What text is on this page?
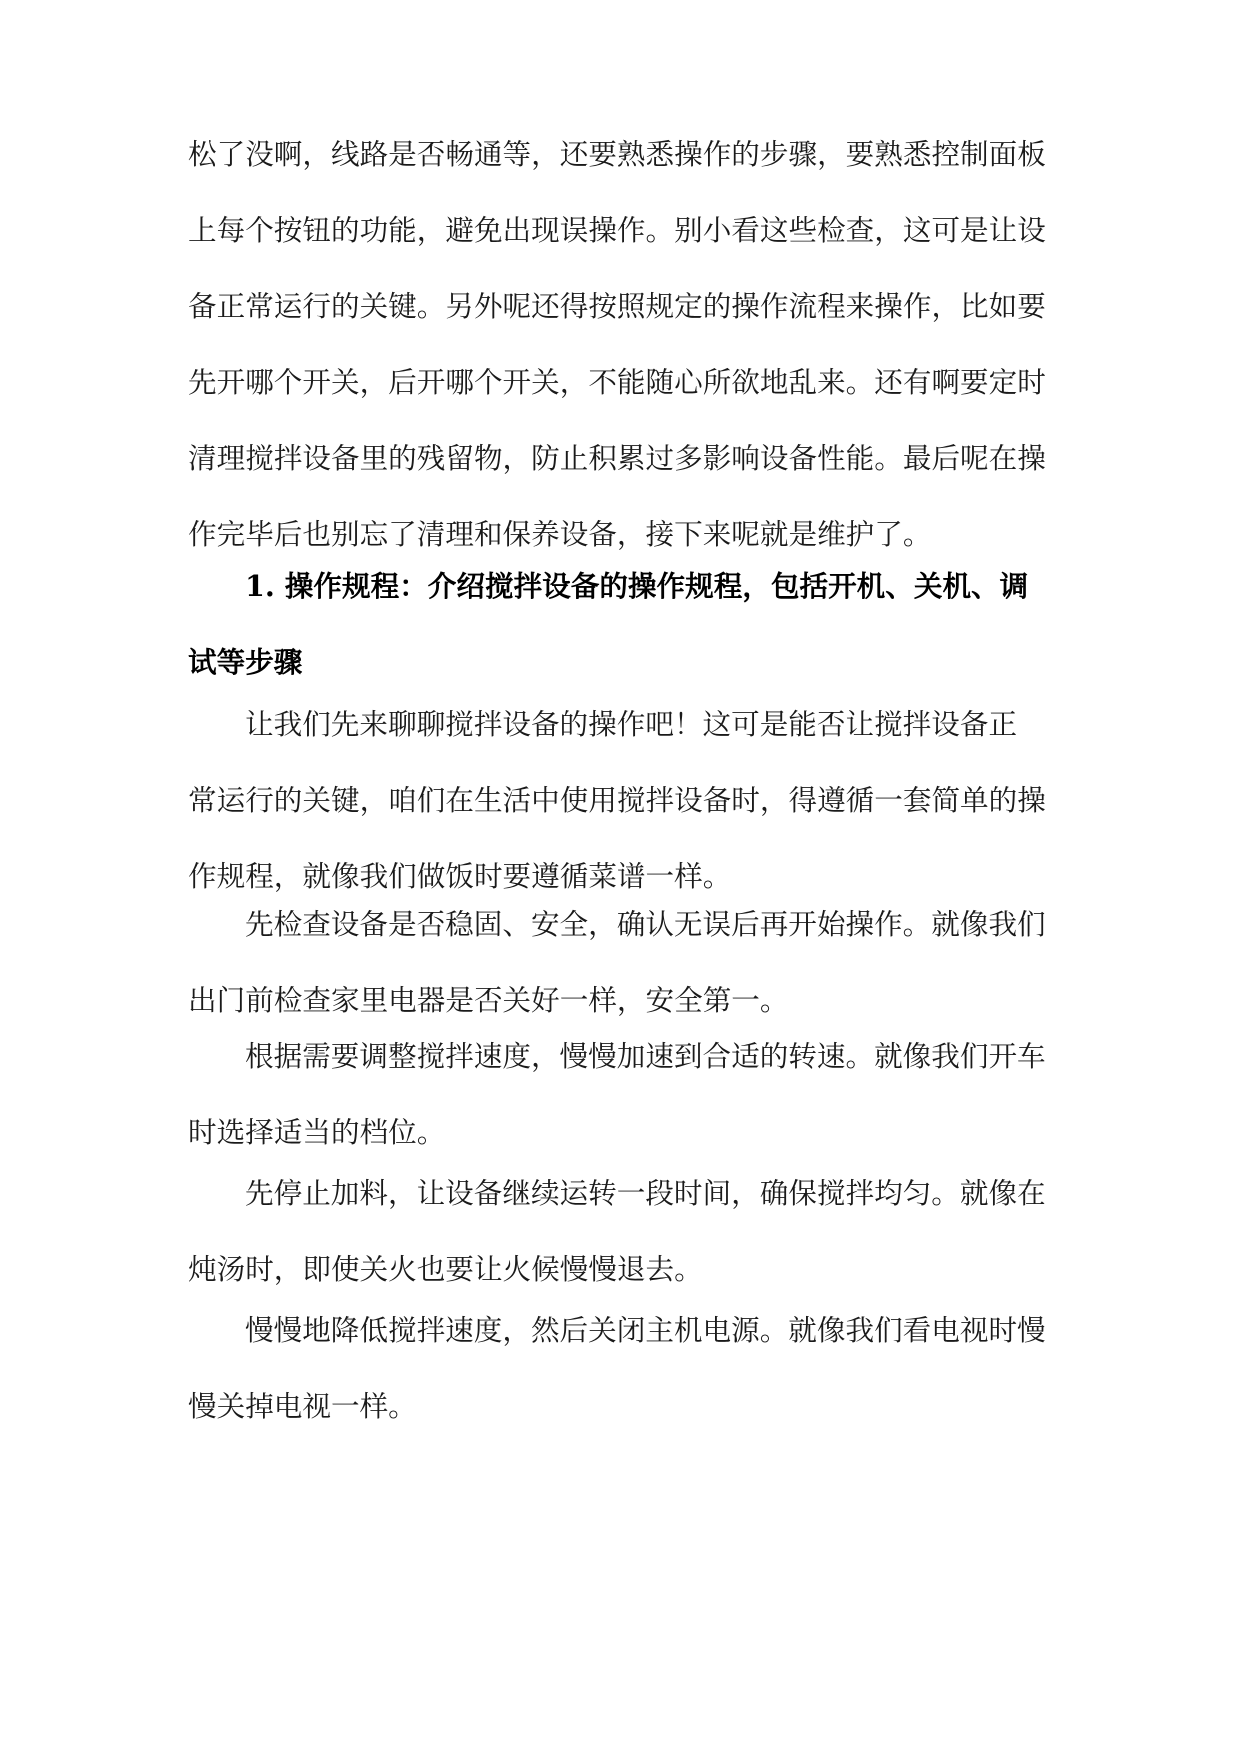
松了没啊，线路是否畅通等，还要熟悉操作的步骤，要熟悉控制面板
上每个按钮的功能，避免出现误操作。别小看这些检查，这可是让设
备正常运行的关键。另外呢还得按照规定的操作流程来操作，比如要
先开哪个开关，后开哪个开关，不能随心所欲地乱来。还有啊要定时
清理搅拌设备里的残留物，防止积累过多影响设备性能。最后呢在操
作完毕后也别忘了清理和保养设备，接下来呢就是维护了。
1. 操作规程：介绍搅拌设备的操作规程，包括开机、关机、调
试等步骤
让我们先来聊聊搅拌设备的操作吧！这可是能否让搅拌设备正
常运行的关键，咱们在生活中使用搅拌设备时，得遵循一套简单的操
作规程，就像我们做饭时要遵循菜谱一样。
先检查设备是否稳固、安全，确认无误后再开始操作。就像我们
出门前检查家里电器是否关好一样，安全第一。
根据需要调整搅拌速度，慢慢加速到合适的转速。就像我们开车
时选择适当的档位。
先停止加料，让设备继续运转一段时间，确保搅拌均匀。就像在
炖汤时，即使关火也要让火候慢慢退去。
慢慢地降低搅拌速度，然后关闭主机电源。就像我们看电视时慢
慢关掉电视一样。
